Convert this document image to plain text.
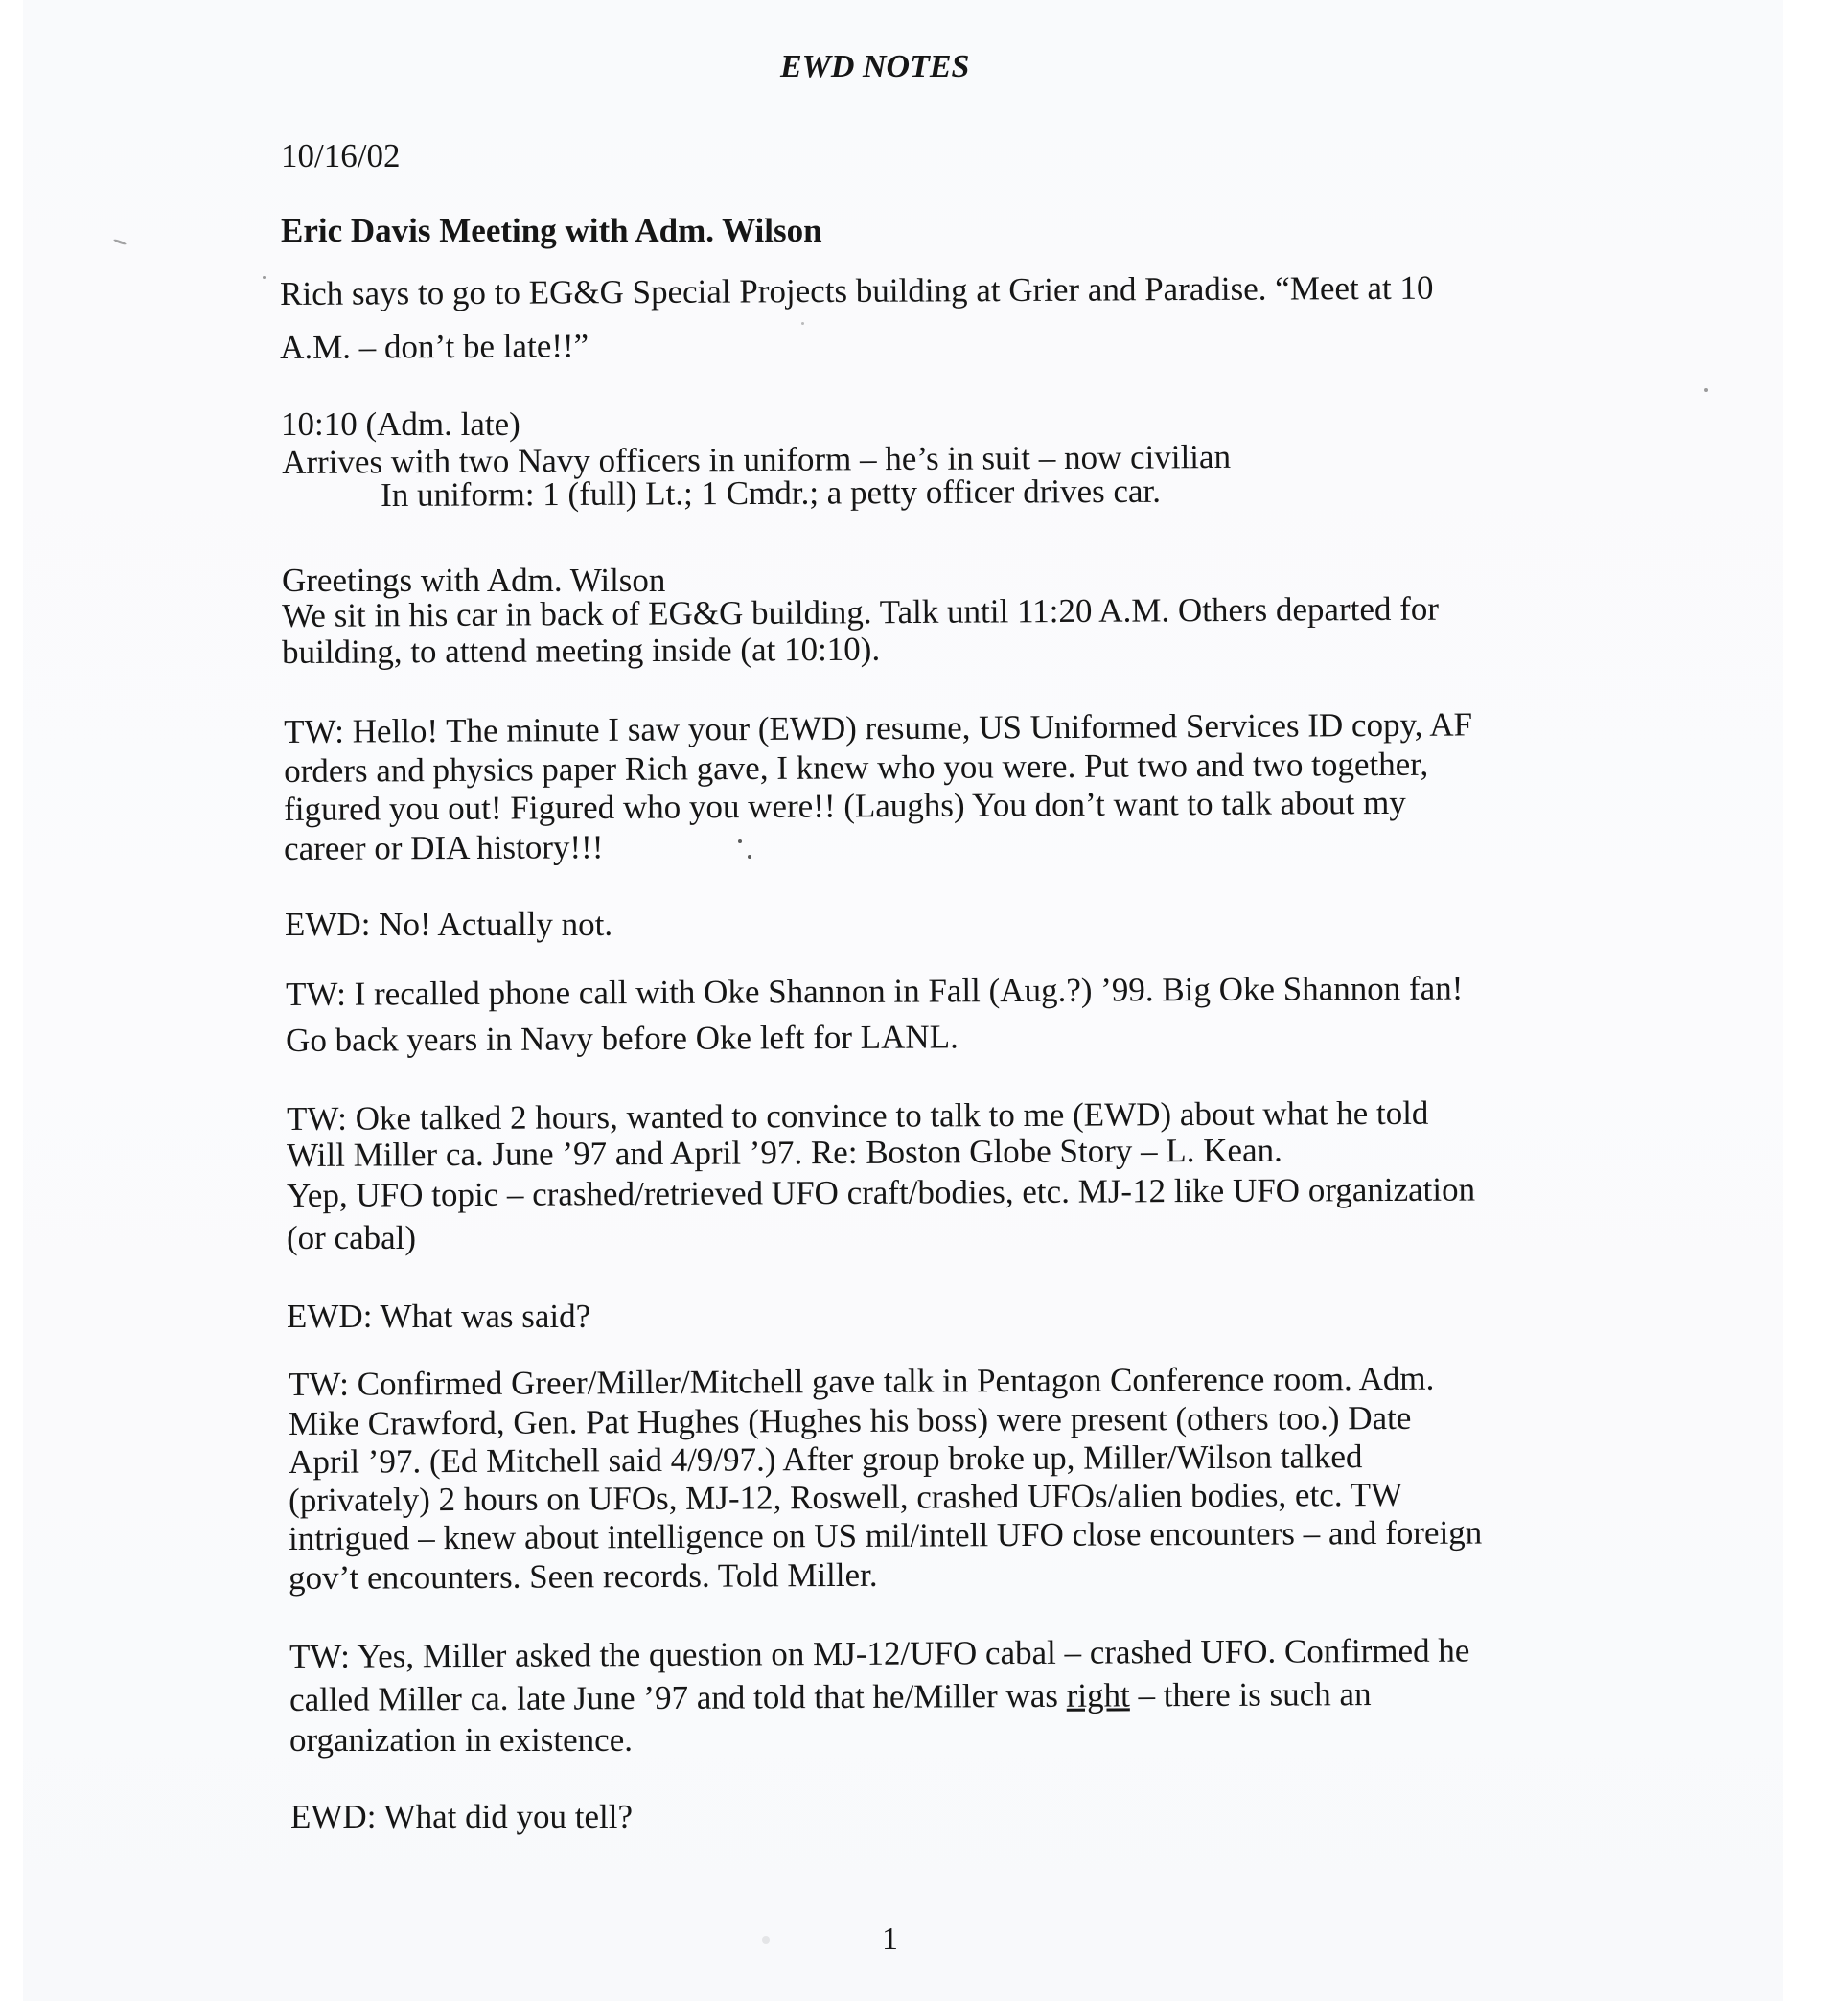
EWD NOTES
10/16/02
Eric Davis Meeting with Adm. Wilson
Rich says to go to EG&G Special Projects building at Grier and Paradise. “Meet at 10
A.M. – don’t be late!!”
10:10 (Adm. late)
Arrives with two Navy officers in uniform – he’s in suit – now civilian
In uniform: 1 (full) Lt.; 1 Cmdr.; a petty officer drives car.
Greetings with Adm. Wilson
We sit in his car in back of EG&G building. Talk until 11:20 A.M. Others departed for
building, to attend meeting inside (at 10:10).
TW: Hello! The minute I saw your (EWD) resume, US Uniformed Services ID copy, AF
orders and physics paper Rich gave, I knew who you were. Put two and two together,
figured you out! Figured who you were!! (Laughs) You don’t want to talk about my
career or DIA history!!!
EWD: No! Actually not.
TW: I recalled phone call with Oke Shannon in Fall (Aug.?) ’99. Big Oke Shannon fan!
Go back years in Navy before Oke left for LANL.
TW: Oke talked 2 hours, wanted to convince to talk to me (EWD) about what he told
Will Miller ca. June ’97 and April ’97. Re: Boston Globe Story – L. Kean.
Yep, UFO topic – crashed/retrieved UFO craft/bodies, etc. MJ-12 like UFO organization
(or cabal)
EWD: What was said?
TW: Confirmed Greer/Miller/Mitchell gave talk in Pentagon Conference room. Adm.
Mike Crawford, Gen. Pat Hughes (Hughes his boss) were present (others too.) Date
April ’97. (Ed Mitchell said 4/9/97.) After group broke up, Miller/Wilson talked
(privately) 2 hours on UFOs, MJ-12, Roswell, crashed UFOs/alien bodies, etc. TW
intrigued – knew about intelligence on US mil/intell UFO close encounters – and foreign
gov’t encounters. Seen records. Told Miller.
TW: Yes, Miller asked the question on MJ-12/UFO cabal – crashed UFO. Confirmed he
called Miller ca. late June ’97 and told that he/Miller was right – there is such an
organization in existence.
EWD: What did you tell?
1
